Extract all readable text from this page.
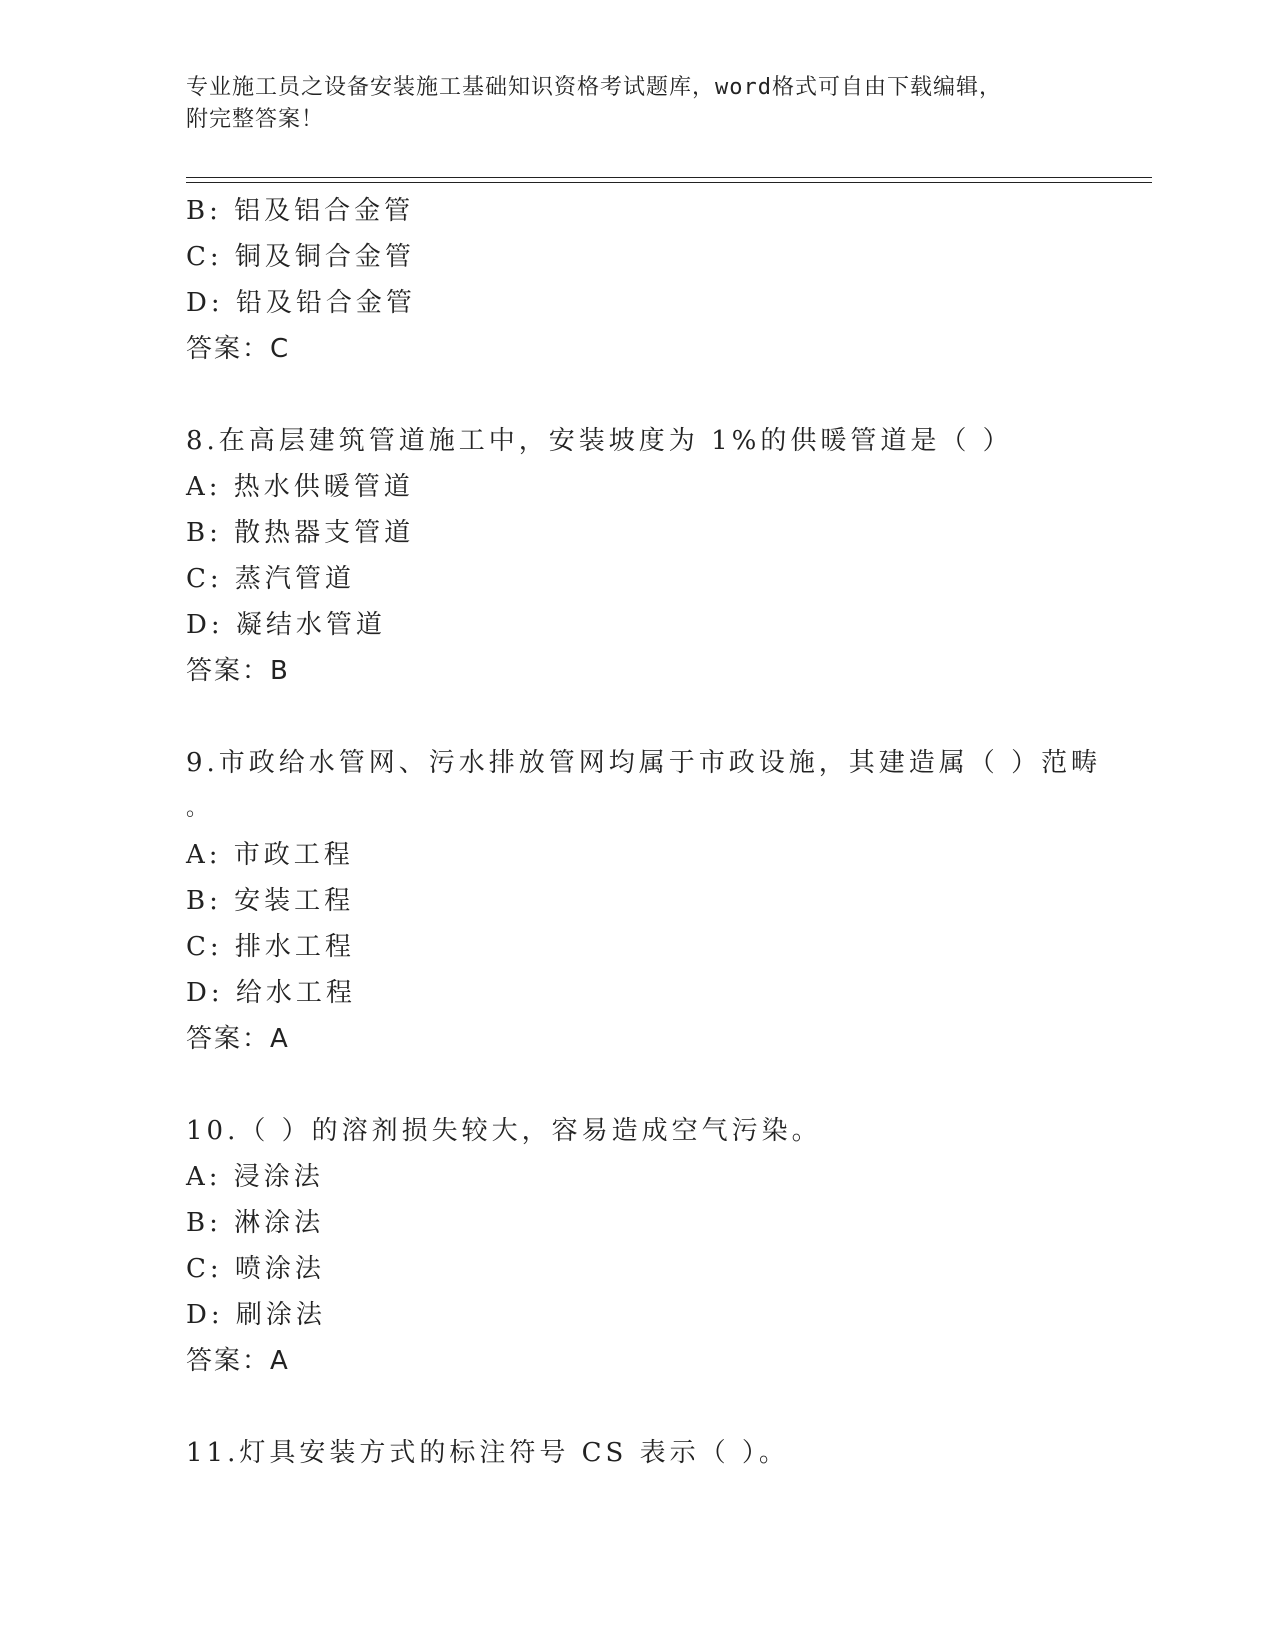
专业施工员之设备安装施工基础知识资格考试题库，word格式可自由下载编辑，
附完整答案！
B: 铝及铝合金管
C: 铜及铜合金管
D: 铅及铅合金管
答案：C
8.在高层建筑管道施工中，安装坡度为 1%的供暖管道是（ ）
A: 热水供暖管道
B: 散热器支管道
C: 蒸汽管道
D: 凝结水管道
答案：B
9.市政给水管网、污水排放管网均属于市政设施，其建造属（ ）范畴
。
A: 市政工程
B: 安装工程
C: 排水工程
D: 给水工程
答案：A
10.（ ）的溶剂损失较大，容易造成空气污染。
A: 浸涂法
B: 淋涂法
C: 喷涂法
D: 刷涂法
答案：A
11.灯具安装方式的标注符号 CS 表示（ ）。
